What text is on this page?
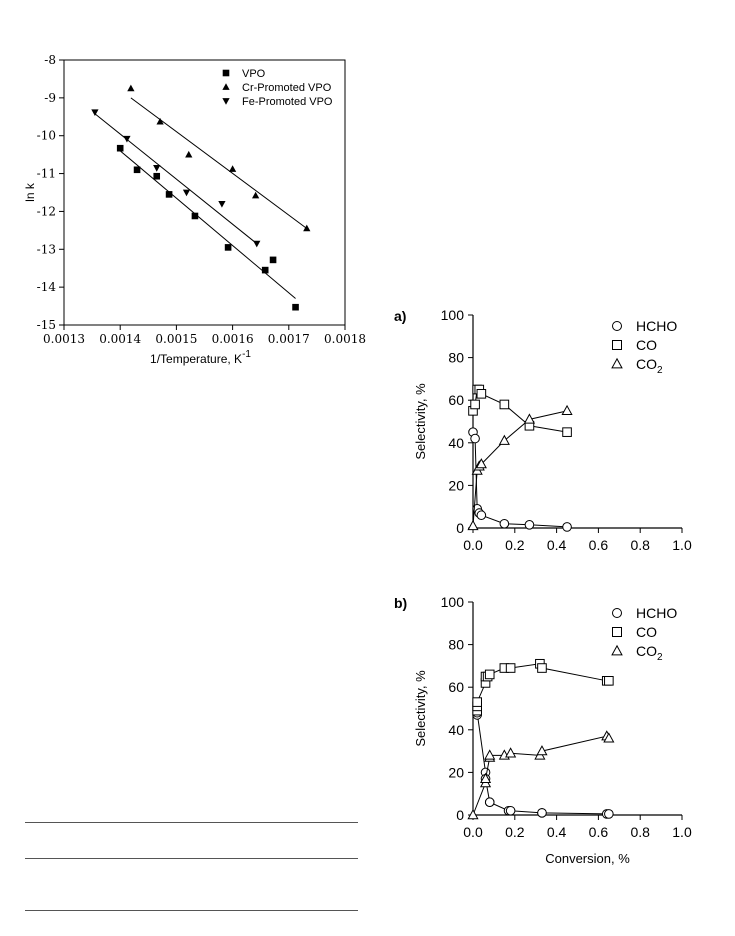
0.0013 0.0014 0.0015 0.0016 0.0017 0.0018
-8
-9
-10
-11
-12
-13
-14
-15
1/Temperature, $K^{-1}$
ln k
VPO
Cr-Promoted VPO
Fe-Promoted VPO
0.0 0.2 0.4 0.6 0.8 1.0
0
20
40
60
80
100
a)
Selectivity, %
HCHO
CO
$CO_2$
0.0 0.2 0.4 0.6 0.8 1.0
0
20
40
60
80
100
b)
Selectivity, %
Conversion, %
HCHO
CO
$CO_2$
